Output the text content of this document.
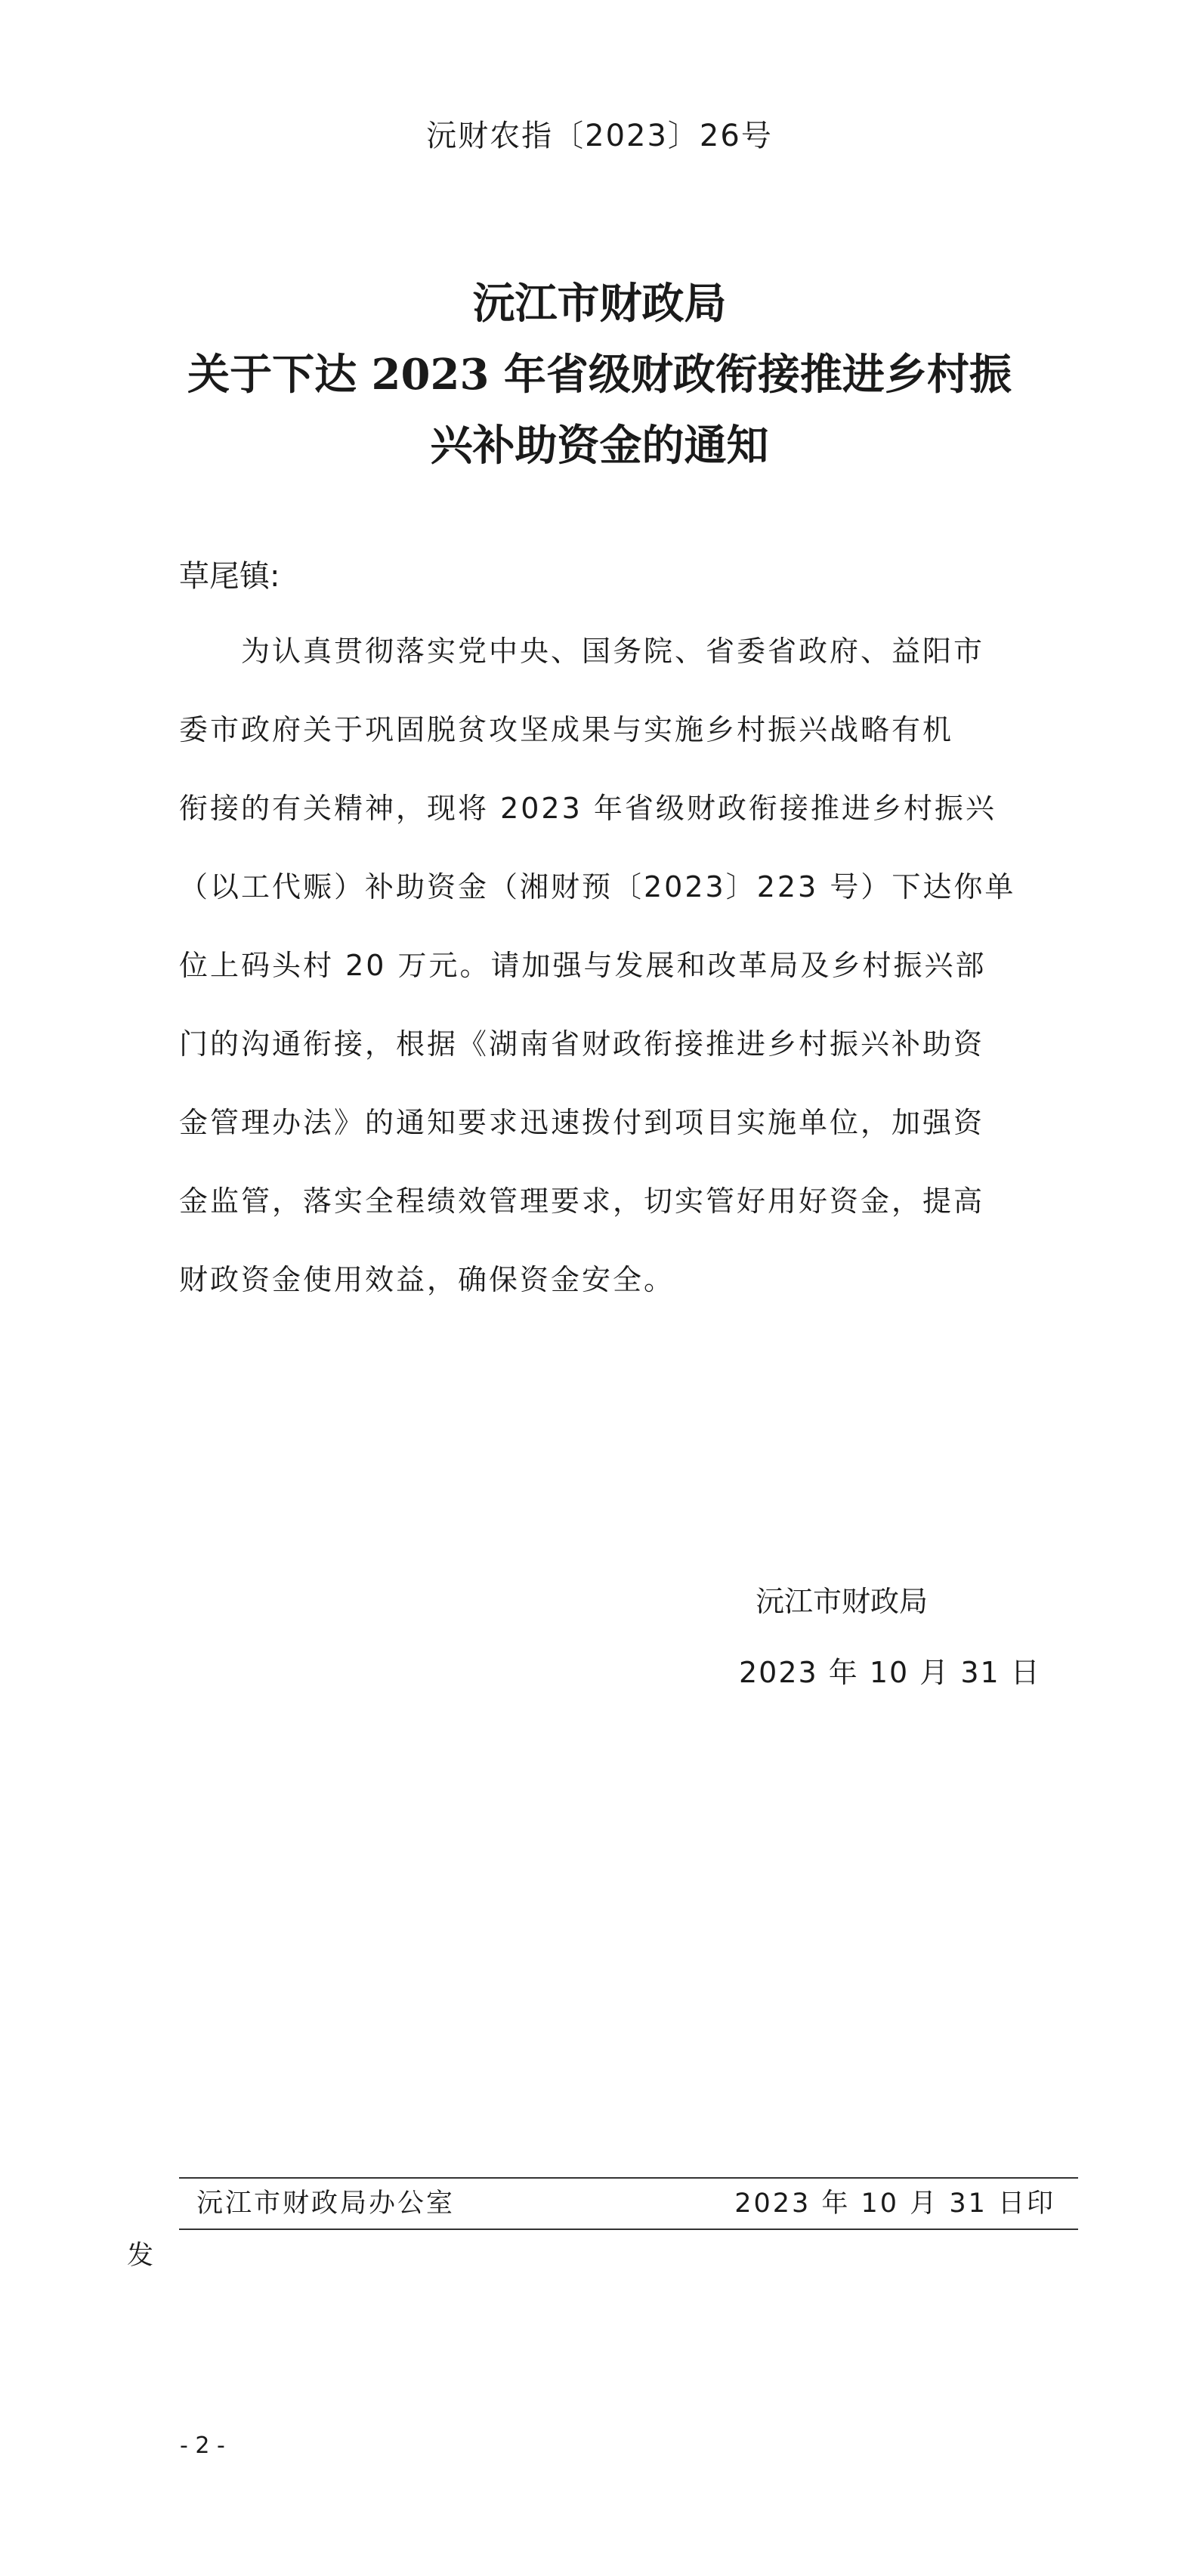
沅财农指〔2023〕26号
沅江市财政局
关于下达 2023 年省级财政衔接推进乡村振
兴补助资金的通知
草尾镇:
为认真贯彻落实党中央、国务院、省委省政府、益阳市
委市政府关于巩固脱贫攻坚成果与实施乡村振兴战略有机
衔接的有关精神，现将 2023 年省级财政衔接推进乡村振兴
（以工代赈）补助资金（湘财预〔2023〕223 号）下达你单
位上码头村 20 万元。请加强与发展和改革局及乡村振兴部
门的沟通衔接，根据《湖南省财政衔接推进乡村振兴补助资
金管理办法》的通知要求迅速拨付到项目实施单位，加强资
金监管，落实全程绩效管理要求，切实管好用好资金，提高
财政资金使用效益，确保资金安全。
沅江市财政局
2023 年 10 月 31 日
沅江市财政局办公室	2023 年 10 月 31 日印
发
- 2 -
